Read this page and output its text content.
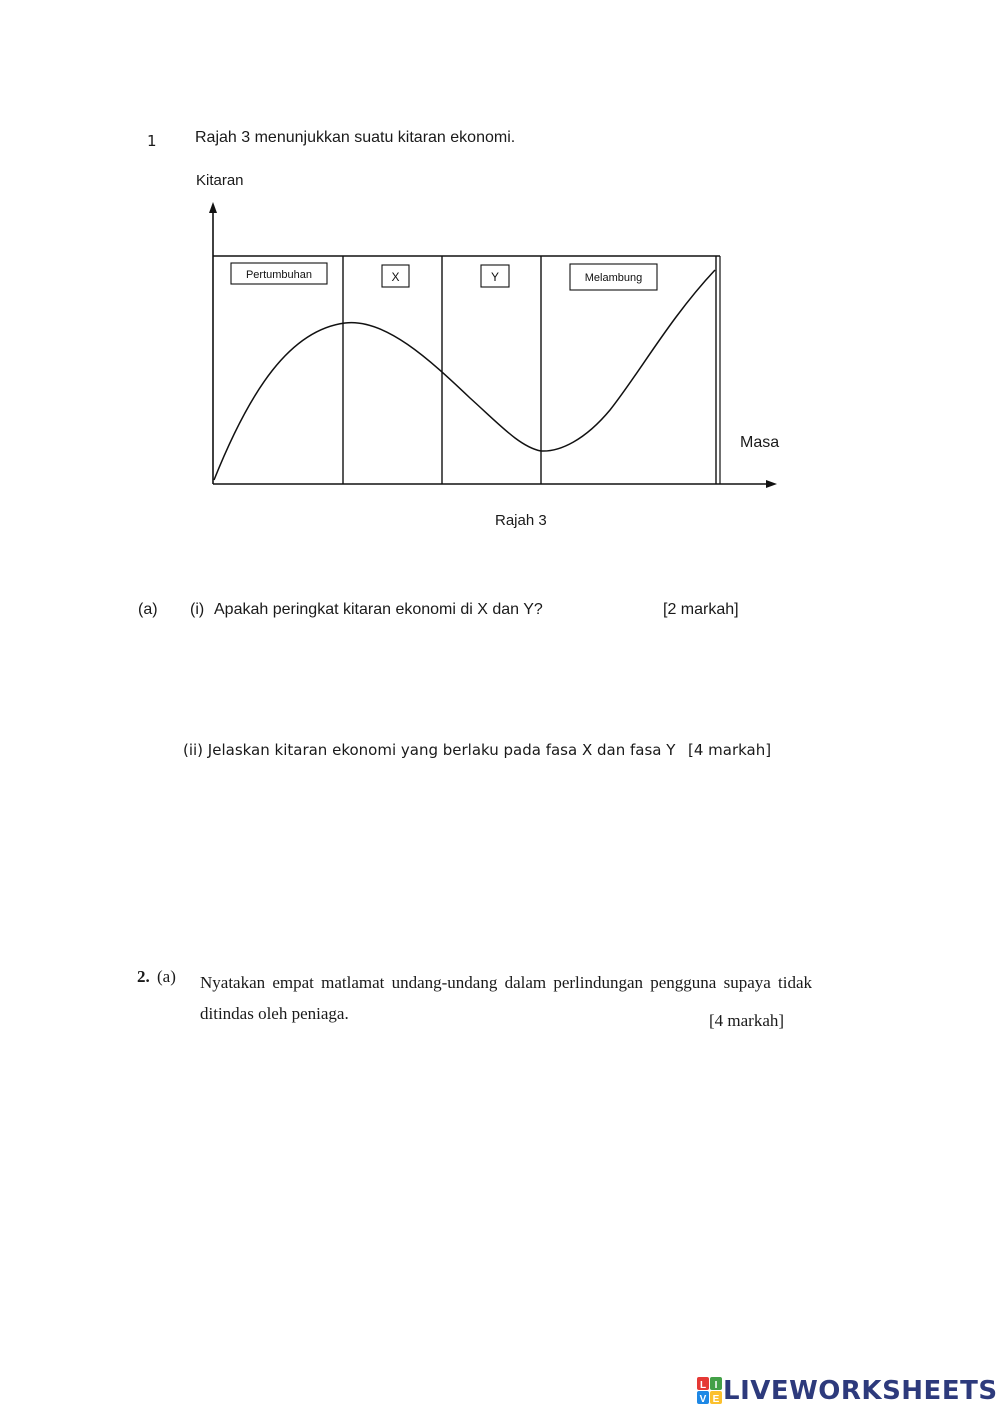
1 Rajah 3 menunjukkan suatu kitaran ekonomi.
Kitaran
Masa
Pertumbuhan	X	Y	Melambung
Rajah 3
(a) (i) Apakah peringkat kitaran ekonomi di X dan Y?	[2 markah]
(ii) Jelaskan kitaran ekonomi yang berlaku pada fasa X dan fasa Y [4 markah]
2. (a) Nyatakan empat matlamat undang-undang dalam perlindungan pengguna supaya tidak ditindas oleh peniaga.	[4 markah]
L I
V E LIVEWORKSHEETS
